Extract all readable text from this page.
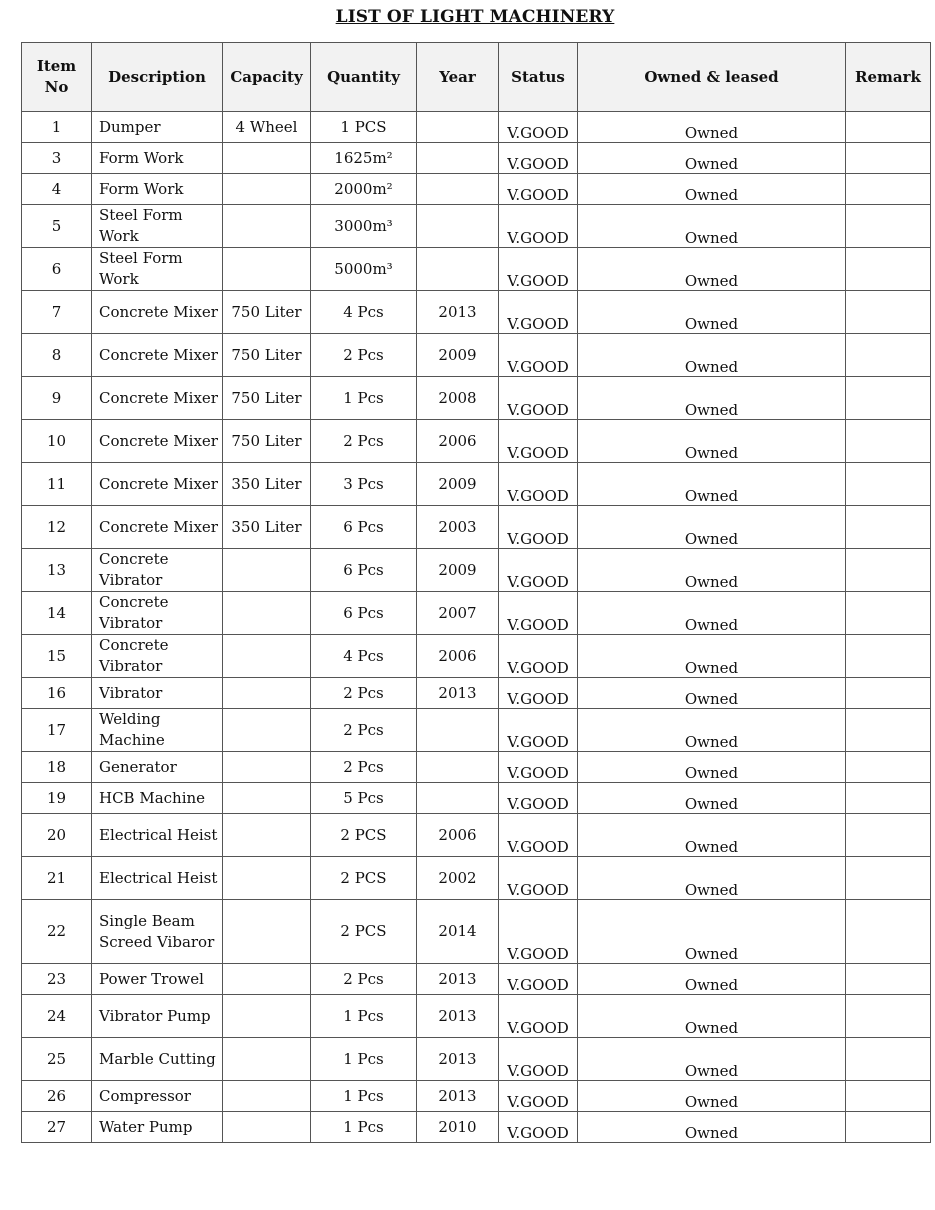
LIST OF LIGHT MACHINERY
Item No	Description	Capacity	Quantity	Year	Status	Owned & leased	Remark
1	Dumper	4 Wheel	1 PCS		V.GOOD	Owned	

3	Form Work		1625m²		V.GOOD	Owned	

4	Form Work		2000m²		V.GOOD	Owned	

5	Steel Form Work		3000m³		V.GOOD	Owned	

6	Steel Form Work		5000m³		V.GOOD	Owned	

7	Concrete Mixer	750 Liter	4 Pcs	2013	V.GOOD	Owned	

8	Concrete Mixer	750 Liter	2 Pcs	2009	V.GOOD	Owned	

9	Concrete Mixer	750 Liter	1 Pcs	2008	V.GOOD	Owned	

10	Concrete Mixer	750 Liter	2 Pcs	2006	V.GOOD	Owned	

11	Concrete Mixer	350 Liter	3 Pcs	2009	V.GOOD	Owned	

12	Concrete Mixer	350 Liter	6 Pcs	2003	V.GOOD	Owned	

13	Concrete Vibrator		6 Pcs	2009	V.GOOD	Owned	

14	Concrete Vibrator		6 Pcs	2007	V.GOOD	Owned	

15	Concrete Vibrator		4 Pcs	2006	V.GOOD	Owned	

16	Vibrator		2 Pcs	2013	V.GOOD	Owned	

17	Welding Machine		2 Pcs		V.GOOD	Owned	

18	Generator		2 Pcs		V.GOOD	Owned	

19	HCB Machine		5 Pcs		V.GOOD	Owned	

20	Electrical Heist		2 PCS	2006	V.GOOD	Owned	

21	Electrical Heist		2 PCS	2002	V.GOOD	Owned	

22	Single Beam Screed Vibaror		2 PCS	2014	V.GOOD	Owned	

23	Power Trowel		2 Pcs	2013	V.GOOD	Owned	

24	Vibrator Pump		1 Pcs	2013	V.GOOD	Owned	

25	Marble Cutting		1 Pcs	2013	V.GOOD	Owned	

26	Compressor		1 Pcs	2013	V.GOOD	Owned	

27	Water Pump		1 Pcs	2010	V.GOOD	Owned	
